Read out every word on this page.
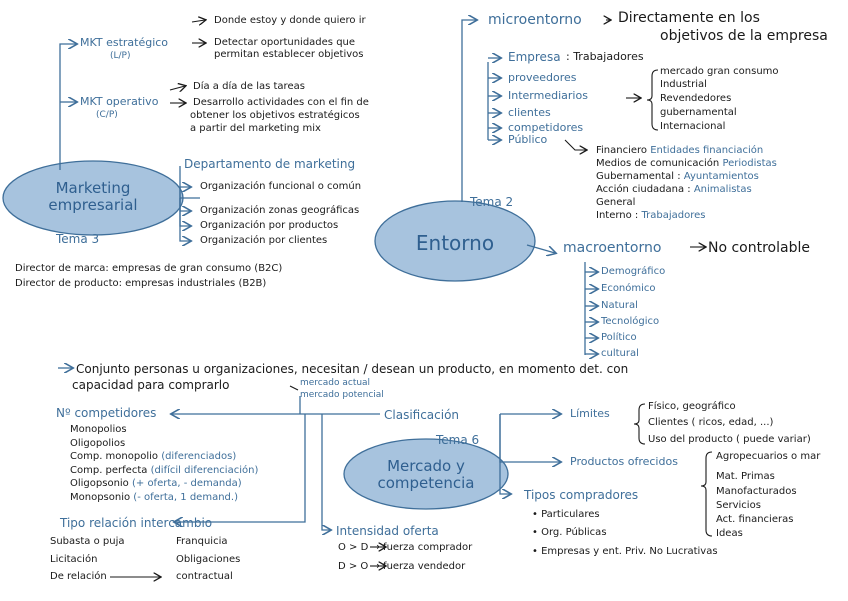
Marketing
empresarial
Tema 3
MKT estratégico
(L/P)
Donde estoy y donde quiero ir
Detectar oportunidades que
permitan establecer objetivos
MKT operativo
(C/P)
Día a día de las tareas
Desarrollo actividades con el fin de
obtener los objetivos estratégicos
a partir del marketing mix
Departamento de marketing
Organización funcional o común
Organización zonas geográficas
Organización por productos
Organización por clientes
Director de marca: empresas de gran consumo (B2C)
Director de producto: empresas industriales (B2B)
Entorno
Tema 2
microentorno	Directamente en los
objetivos de la empresa
Empresa : Trabajadores
proveedores
Intermediarios
clientes
competidores
Público
mercado gran consumo
Industrial
Revendedores
gubernamental
Internacional
Financiero Entidades financiación
Medios de comunicación Periodistas
Gubernamental : Ayuntamientos
Acción ciudadana : Animalistas
General
Interno : Trabajadores
macroentorno	No controlable
Demográfico
Económico
Natural
Tecnológico
Político
cultural
Mercado y
competencia
Tema 6
Conjunto personas u organizaciones, necesitan / desean un producto, en momento det. con
capacidad para comprarlo	mercado actual
mercado potencial
Clasificación
Nº competidores
Monopolios
Oligopolios
Comp. monopolio (diferenciados)
Comp. perfecta (difícil diferenciación)
Oligopsonio (+ oferta, - demanda)
Monopsonio (- oferta, 1 demand.)
Tipo relación intercambio
Subasta o puja
Licitación
De relación
Franquicia
Obligaciones
contractual
Intensidad oferta
O > D → fuerza comprador
D > O → fuerza vendedor
Límites
Físico, geográfico
Clientes ( ricos, edad, ...)
Uso del producto ( puede variar)
Productos ofrecidos	Agropecuarios o mar
Mat. Primas
Manofacturados
Servicios
Act. financieras
Ideas
Tipos compradores
• Particulares
• Org. Públicas
• Empresas y ent. Priv. No Lucrativas
